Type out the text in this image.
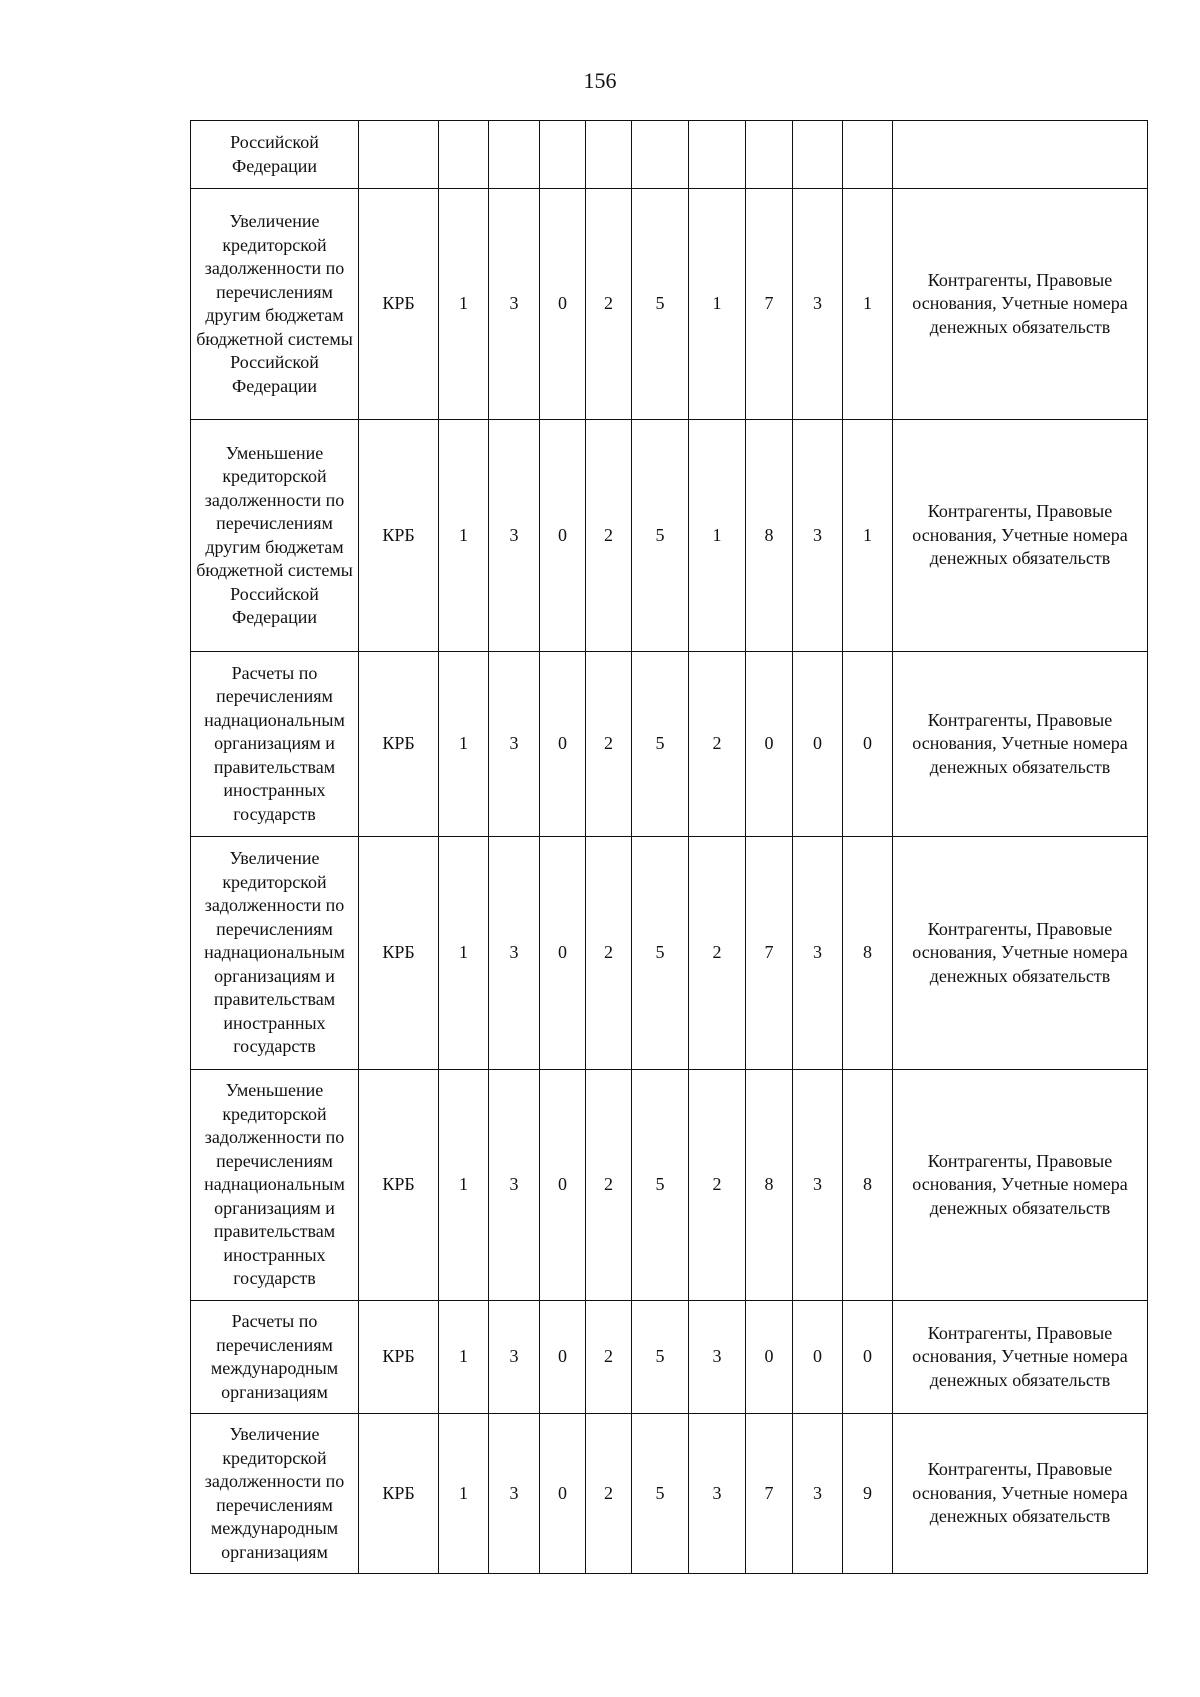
156
Российской Федерации											
Увеличение кредиторской задолженности по перечислениям другим бюджетам бюджетной системы Российской Федерации	КРБ	1	3	0	2	5	1	7	3	1	Контрагенты, Правовые основания, Учетные номера денежных обязательств
Уменьшение кредиторской задолженности по перечислениям другим бюджетам бюджетной системы Российской Федерации	КРБ	1	3	0	2	5	1	8	3	1	Контрагенты, Правовые основания, Учетные номера денежных обязательств
Расчеты по перечислениям наднациональным организациям и правительствам иностранных государств	КРБ	1	3	0	2	5	2	0	0	0	Контрагенты, Правовые основания, Учетные номера денежных обязательств
Увеличение кредиторской задолженности по перечислениям наднациональным организациям и правительствам иностранных государств	КРБ	1	3	0	2	5	2	7	3	8	Контрагенты, Правовые основания, Учетные номера денежных обязательств
Уменьшение кредиторской задолженности по перечислениям наднациональным организациям и правительствам иностранных государств	КРБ	1	3	0	2	5	2	8	3	8	Контрагенты, Правовые основания, Учетные номера денежных обязательств
Расчеты по перечислениям международным организациям	КРБ	1	3	0	2	5	3	0	0	0	Контрагенты, Правовые основания, Учетные номера денежных обязательств
Увеличение кредиторской задолженности по перечислениям международным организациям	КРБ	1	3	0	2	5	3	7	3	9	Контрагенты, Правовые основания, Учетные номера денежных обязательств
